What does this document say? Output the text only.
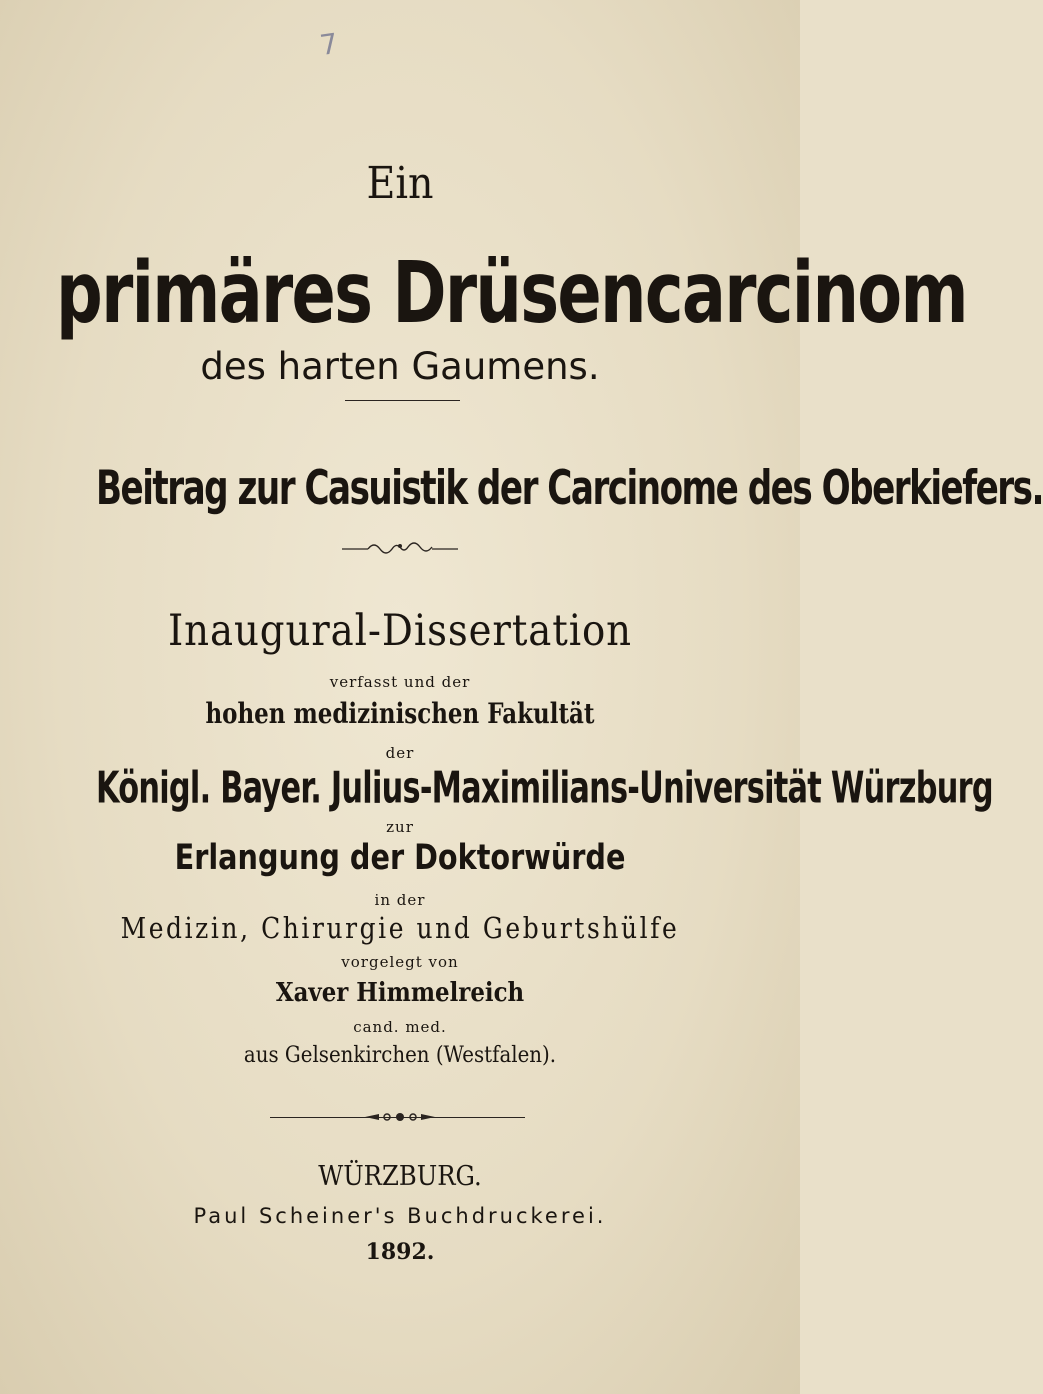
7
Ein
primäres Drüsencarcinom
des harten Gaumens.
Beitrag zur Casuistik der Carcinome des Oberkiefers.
Inaugural-Dissertation
verfasst und der
hohen medizinischen Fakultät
der
Königl. Bayer. Julius-Maximilians-Universität Würzburg
zur
Erlangung der Doktorwürde
in der
Medizin, Chirurgie und Geburtshülfe
vorgelegt von
Xaver Himmelreich
cand. med.
aus Gelsenkirchen (Westfalen).
WÜRZBURG.
Paul Scheiner's Buchdruckerei.
1892.
